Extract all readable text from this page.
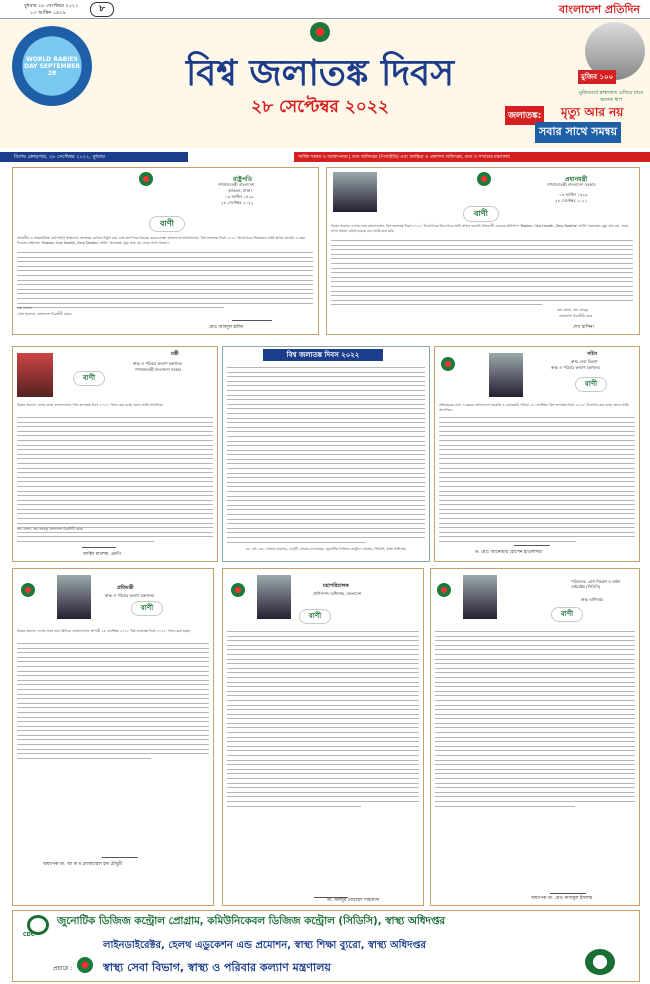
বুধবার ২৮ সেপ্টেম্বর ২০২২
১৩ আশ্বিন ১৪২৯	৮	বাংলাদেশ প্রতিদিন
WORLD RABIES DAY SEPTEMBER 28	বিশ্ব জলাতঙ্ক দিবস
২৮ সেপ্টেম্বর ২০২২
মুজিব ১০০
মুজিববর্ষে স্বাস্থ্যখাত এগিয়ে যাবে অনেক ধাপ
জলাতঙ্ক: মৃত্যু আর নয়
সবার সাথে সমন্বয়
বিশেষ ক্রোড়পত্র, ২৮ সেপ্টেম্বর ২০২২, বুধবার	সার্বিক সমন্বয় ও ব্যবস্থাপনায় ‍‍‍‍| তথ্য অধিদপ্তর (পিআইডি) এবং চলচ্চিত্র ও প্রকাশনা অধিদপ্তর, তথ্য ও সম্প্রচার মন্ত্রণালয়
রাষ্ট্রপতি
গণপ্রজাতন্ত্রী বাংলাদেশ
বঙ্গভবন, ঢাকা।
১৩ আশ্বিন ১৪২৯
২৮ সেপ্টেম্বর ২০২২
বাণী
সর্বজনীন ও আন্তর্জাতিক তাৎপর্যপূর্ণ স্বাস্থ্যসেবা জলাতঙ্ক রোগকে নির্মূল করা এবং জনগণকে সচেতন করার লক্ষ্যে বাংলাদেশে যথাযথভাবে 'বিশ্ব জলাতঙ্ক দিবস ২০২২' উদযাপনের সিদ্ধান্তকে আমি স্বাগত জানাই। এ বছর দিবসের প্রতিপাদ্য 'Rabies: One Health, Zero Deaths' অর্থাৎ 'জলাতঙ্ক: মৃত্যু আর নয়, সবার সাথে সমন্বয়'।
জয় বাংলা।
খোদা হাফেজ, বাংলাদেশ চিরজীবী হোক।
মোঃ আবদুল হামিদ
প্রধানমন্ত্রী
গণপ্রজাতন্ত্রী বাংলাদেশ সরকার
১৩ আশ্বিন ১৪২৯
২৮ সেপ্টেম্বর ২০২২
বাণী
বিশ্বের অন্যান্য দেশের ন্যায় বাংলাদেশেও 'বিশ্ব জলাতঙ্ক দিবস ২০২২' উদযাপনের উদ্যোগকে আমি স্বাগত জানাই। বিশ্বব্যাপী এবারের প্রতিপাদ্য 'Rabies: One Health, Zero Deaths' অর্থাৎ 'জলাতঙ্ক: মৃত্যু আর নয়, সবার সাথে সমন্বয়' যথার্থ হয়েছে বলে আমি মনে করি।
জয় বাংলা, জয় বঙ্গবন্ধু
বাংলাদেশ চিরজীবী হোক
শেখ হাসিনা
বাণী
মন্ত্রী
স্বাস্থ্য ও পরিবার কল্যাণ মন্ত্রণালয়
গণপ্রজাতন্ত্রী বাংলাদেশ সরকার
বিশ্বের অন্যান্য দেশের মতো বাংলাদেশেও 'বিশ্ব জলাতঙ্ক দিবস ২০২২' পালন করা হচ্ছে জেনে আমি আনন্দিত।
জয় বাংলা, জয় বঙ্গবন্ধু বাংলাদেশ চিরজীবী হোক।
জাহিদ মালেক, এমপি
বিশ্ব জলাতঙ্ক দিবস ২০২২
ডা. এস. এম. গোলাম কায়সার, ডেপুটি প্রোগ্রাম ম্যানেজার, জুনোটিক ডিজিজ কন্ট্রোল প্রোগ্রাম, সিডিসি, স্বাস্থ্য অধিদপ্তর
সচিব
স্বাস্থ্য সেবা বিভাগ
স্বাস্থ্য ও পরিবার কল্যাণ মন্ত্রণালয়
বাণী
প্রতিবছরের ন্যায় এ বছরও বাংলাদেশে সরকারি ও বেসরকারি পর্যায়ে ২৮ সেপ্টেম্বর 'বিশ্ব জলাতঙ্ক দিবস ২০২২' উদযাপন করা হচ্ছে জেনে আমি আনন্দিত।
ড. মোঃ আনোয়ার হোসেন হাওলাদার
প্রতিমন্ত্রী
স্বাস্থ্য ও পরিবার কল্যাণ মন্ত্রণালয়
বাণী
বিশ্বের অন্যান্য দেশের সাথে তাল মিলিয়ে বাংলাদেশেও আগামী ২৮ সেপ্টেম্বর ২০২২ 'বিশ্ব জলাতঙ্ক দিবস ২০২২' পালন করা হচ্ছে।
অধ্যাপক ডা. আ ক ম মোজাম্মেল হক চৌধুরী
মহাপরিচালক
প্রাণিসম্পদ অধিদপ্তর, বাংলাদেশ
বাণী
ডা. মনজুর মোহাম্মদ শাহজাদা
পরিচালক, রোগ নিয়ন্ত্রণ ও লাইন ডাইরেক্টর (সিডিসি)
স্বাস্থ্য অধিদপ্তর
বাণী
অধ্যাপক ডা. মোঃ নাজমুল ইসলাম
CDC
জুনোটিক ডিজিজ কন্ট্রোল প্রোগ্রাম, কমিউনিকেবল ডিজিজ কন্ট্রোল (সিডিসি), স্বাস্থ্য অধিদপ্তর
লাইনডাইরেক্টর, হেলথ এডুকেশন এন্ড প্রমোশন, স্বাস্থ্য শিক্ষা ব্যুরো, স্বাস্থ্য অধিদপ্তর
প্রচারে :	স্বাস্থ্য সেবা বিভাগ, স্বাস্থ্য ও পরিবার কল্যাণ মন্ত্রণালয়
